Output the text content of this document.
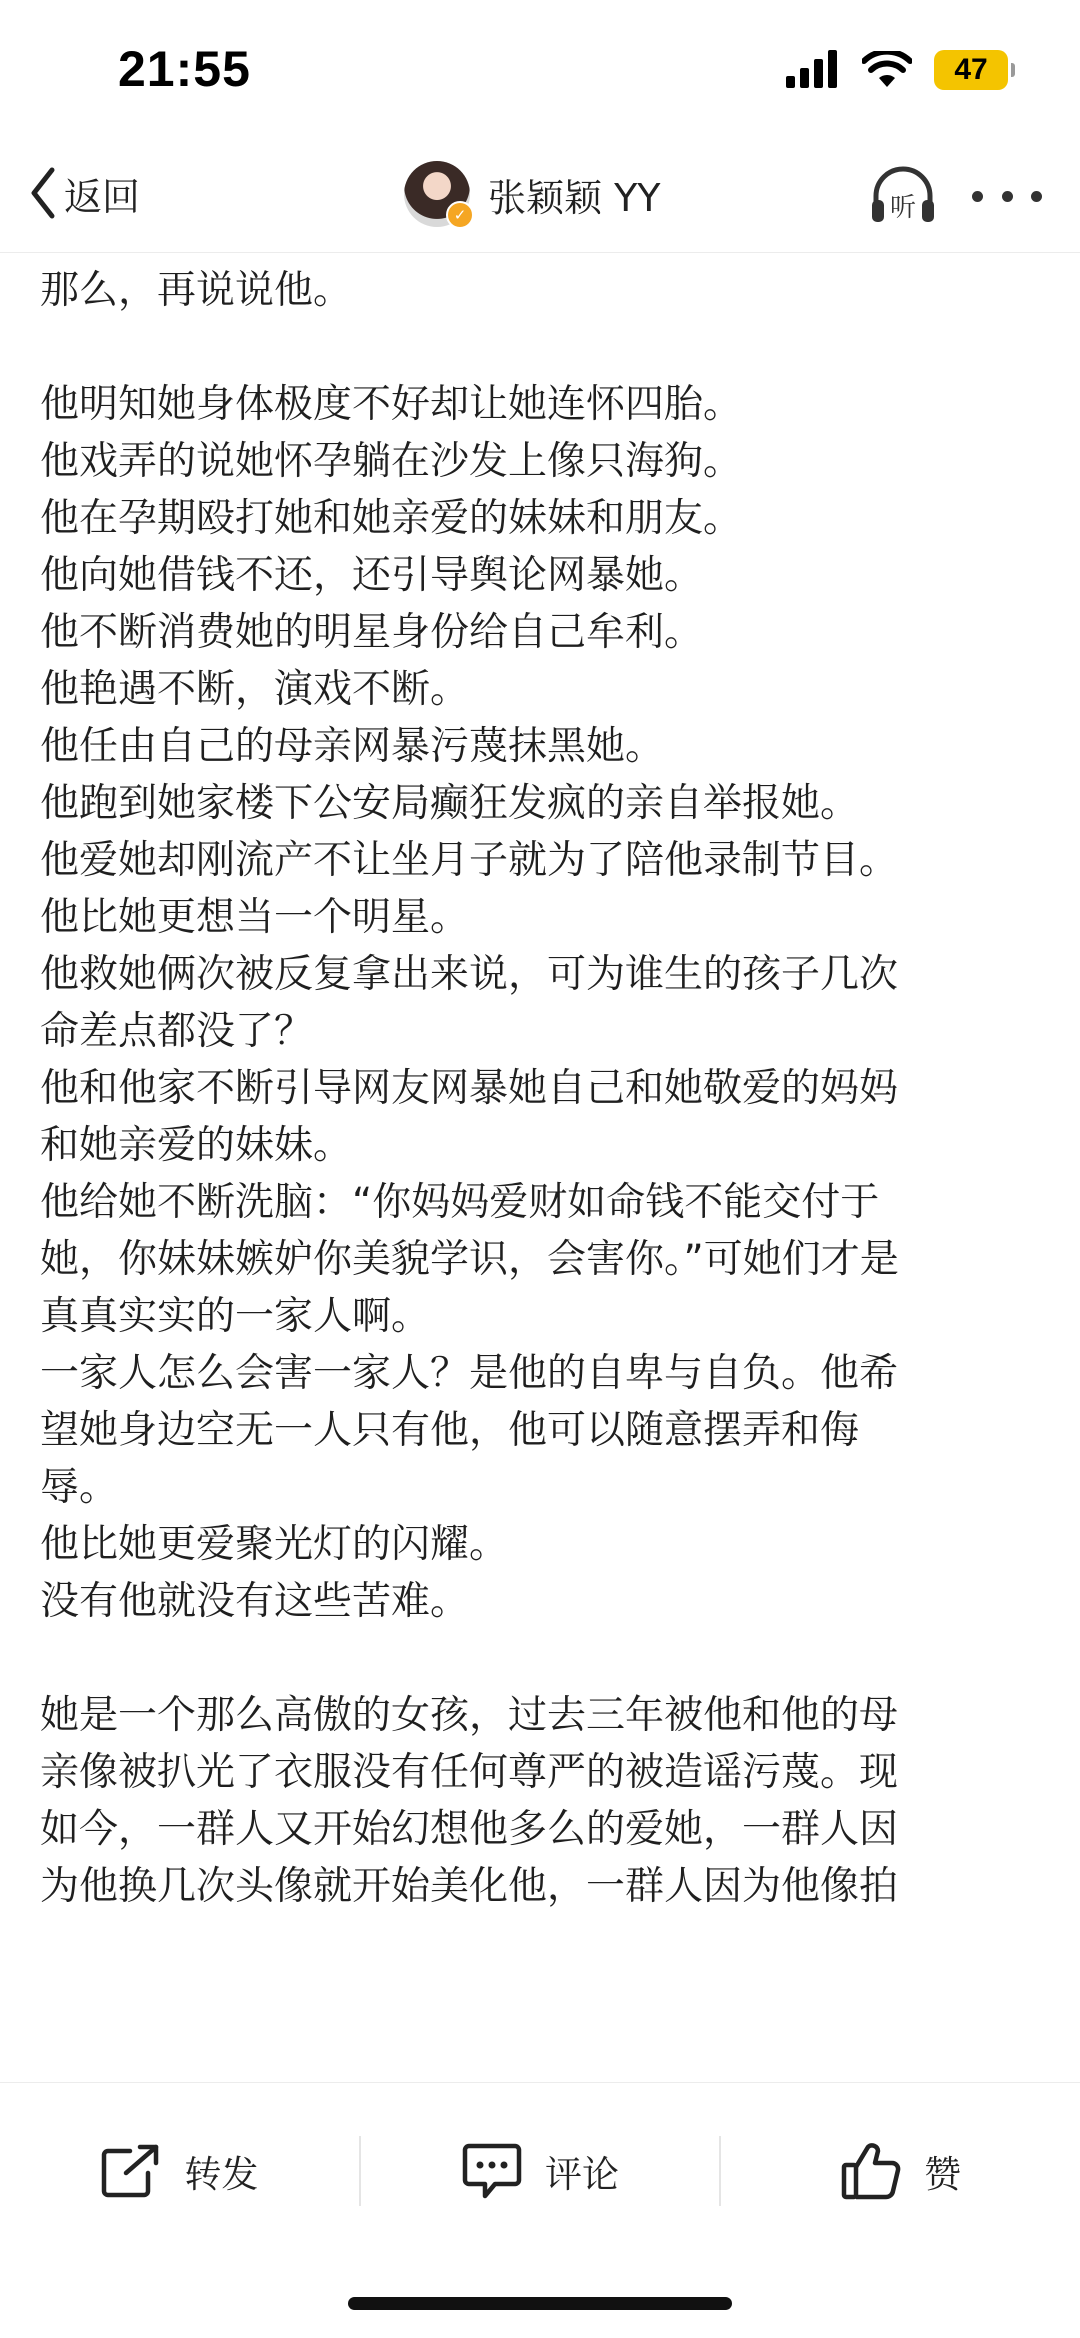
21:55	47
返回	✓ 张颖颖 YY	听
那么，再说说他。
他明知她身体极度不好却让她连怀四胎。
他戏弄的说她怀孕躺在沙发上像只海狗。
他在孕期殴打她和她亲爱的妹妹和朋友。
他向她借钱不还，还引导舆论网暴她。
他不断消费她的明星身份给自己牟利。
他艳遇不断，演戏不断。
他任由自己的母亲网暴污蔑抹黑她。
他跑到她家楼下公安局癫狂发疯的亲自举报她。
他爱她却刚流产不让坐月子就为了陪他录制节目。
他比她更想当一个明星。
他救她俩次被反复拿出来说，可为谁生的孩子几次
命差点都没了？
他和他家不断引导网友网暴她自己和她敬爱的妈妈
和她亲爱的妹妹。
他给她不断洗脑：“你妈妈爱财如命钱不能交付于
她，你妹妹嫉妒你美貌学识，会害你。”可她们才是
真真实实的一家人啊。
一家人怎么会害一家人？是他的自卑与自负。他希
望她身边空无一人只有他，他可以随意摆弄和侮
辱。
他比她更爱聚光灯的闪耀。
没有他就没有这些苦难。
她是一个那么高傲的女孩，过去三年被他和他的母
亲像被扒光了衣服没有任何尊严的被造谣污蔑。现
如今，一群人又开始幻想他多么的爱她，一群人因
为他换几次头像就开始美化他，一群人因为他像拍
转发	评论	赞
